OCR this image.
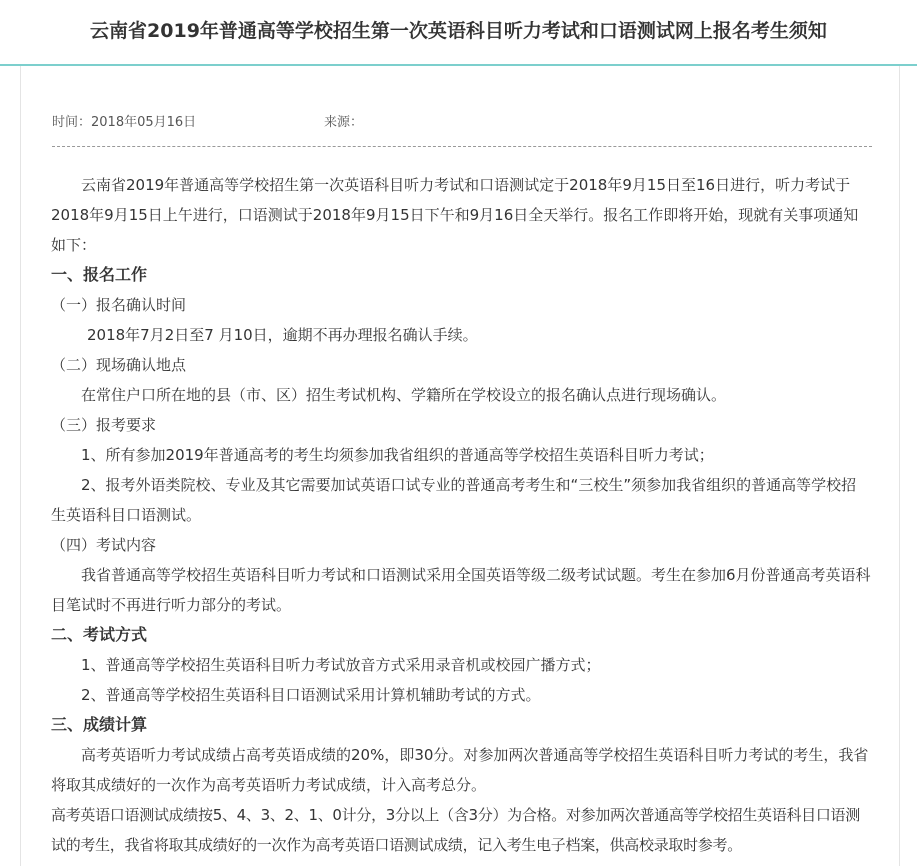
云南省2019年普通高等学校招生第一次英语科目听力考试和口语测试网上报名考生须知
时间：2018年05月16日	来源：

云南省2019年普通高等学校招生第一次英语科目听力考试和口语测试定于2018年9月15日至16日进行，听力考试于2018年9月15日上午进行，口语测试于2018年9月15日下午和9月16日全天举行。报名工作即将开始，现就有关事项通知如下：

一、报名工作

（一）报名确认时间

2018年7月2日至7 月10日，逾期不再办理报名确认手续。

（二）现场确认地点

在常住户口所在地的县（市、区）招生考试机构、学籍所在学校设立的报名确认点进行现场确认。

（三）报考要求

1、所有参加2019年普通高考的考生均须参加我省组织的普通高等学校招生英语科目听力考试；

2、报考外语类院校、专业及其它需要加试英语口试专业的普通高考考生和“三校生”须参加我省组织的普通高等学校招生英语科目口语测试。

（四）考试内容

我省普通高等学校招生英语科目听力考试和口语测试采用全国英语等级二级考试试题。考生在参加6月份普通高考英语科目笔试时不再进行听力部分的考试。

二、考试方式

1、普通高等学校招生英语科目听力考试放音方式采用录音机或校园广播方式；

2、普通高等学校招生英语科目口语测试采用计算机辅助考试的方式。

三、成绩计算

高考英语听力考试成绩占高考英语成绩的20%，即30分。对参加两次普通高等学校招生英语科目听力考试的考生，我省将取其成绩好的一次作为高考英语听力考试成绩，计入高考总分。

高考英语口语测试成绩按5、4、3、2、1、0计分，3分以上（含3分）为合格。对参加两次普通高等学校招生英语科目口语测试的考生，我省将取其成绩好的一次作为高考英语口语测试成绩，记入考生电子档案，供高校录取时参考。
